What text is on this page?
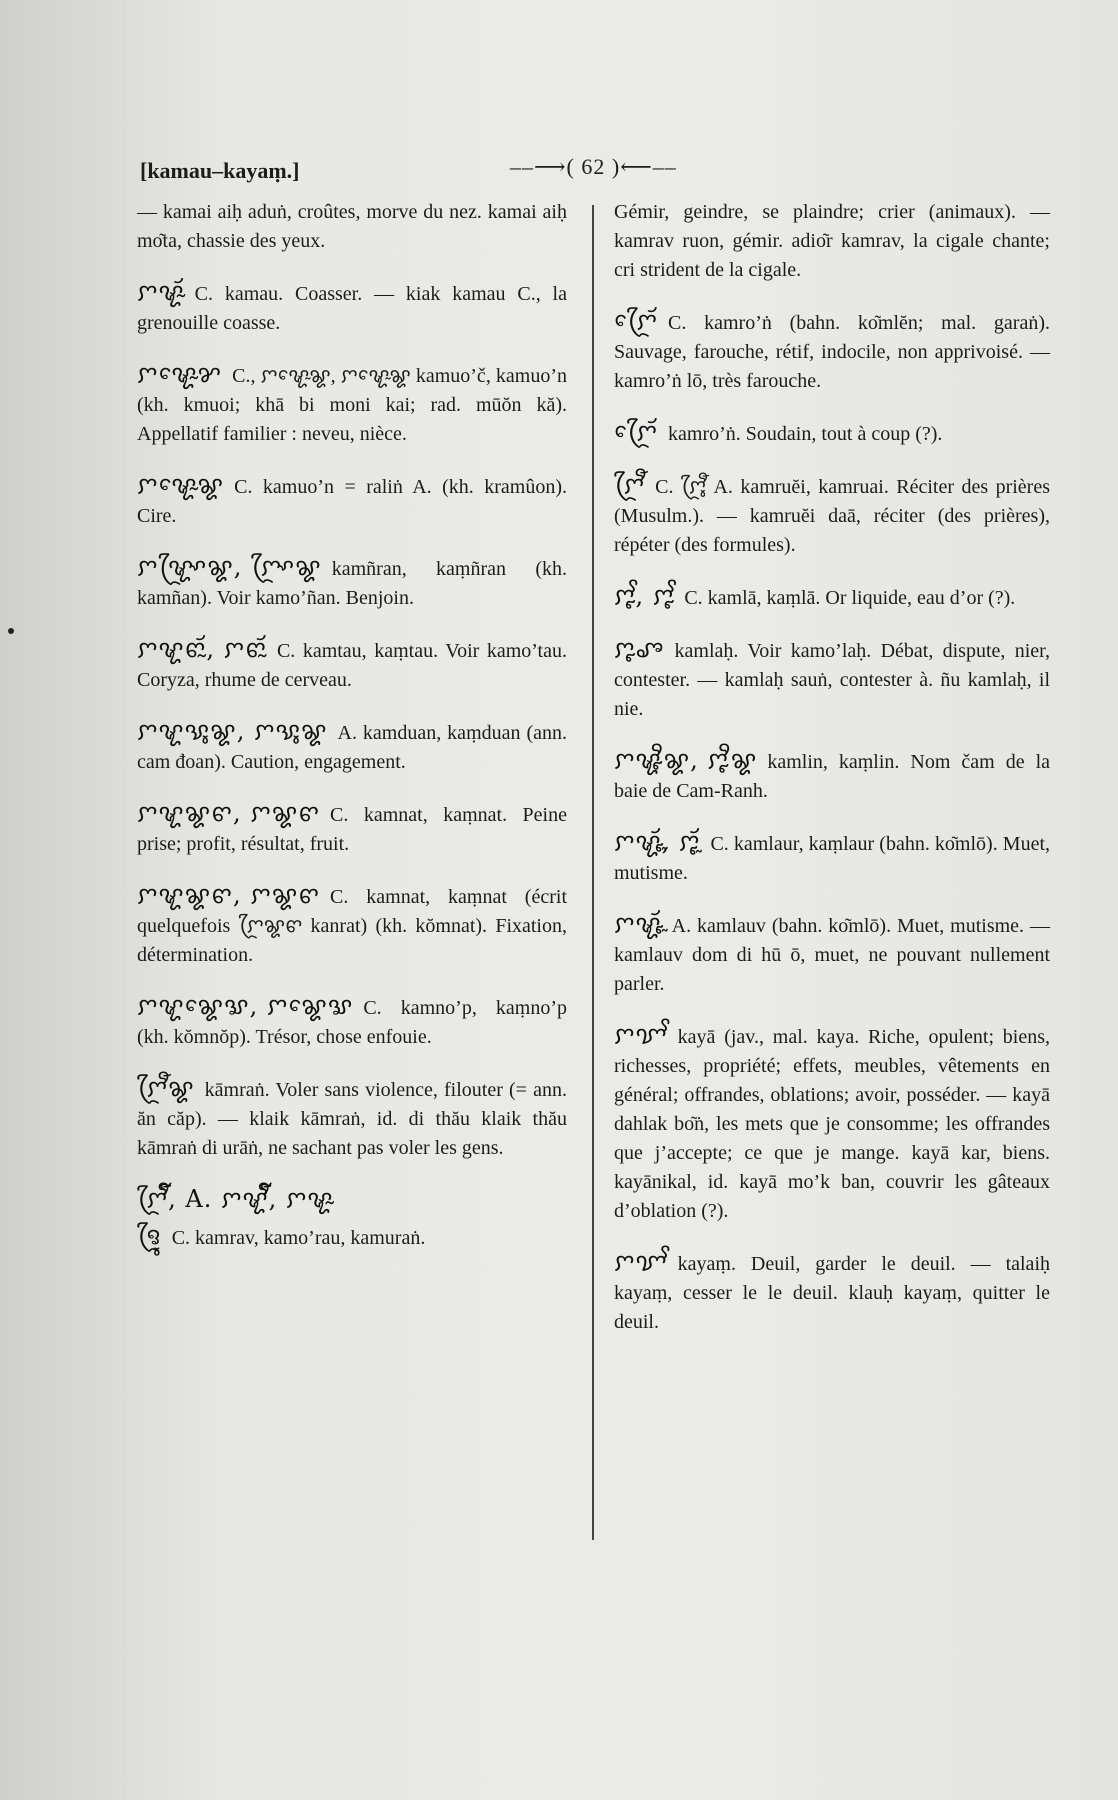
[kamau–kayaṃ.]	––⟶( 62 )⟵––
— kamai aiḥ aduṅ, croûtes, morve du nez. kamai aiḥ mo͂ta, chassie des yeux.
ꨆꨠꨮꨭ C. kamau. Coasser. — kiak kamau C., la grenouille coasse.
ꨆꨠꨯꨭꨌ C., ꨆꨠꨯꨭꨘ, ꨆꨠꨯꨭꨘ kamuo’č, kamuo’n (kh. kmuoi; khā bi moni kai; rad. mūŏn kă). Appellatif familier : neveu, nièce.
ꨆꨠꨯꨭꨘ C. kamuo’n = raliṅ A. (kh. kramûon). Cire.
ꨆꨠꨴꨳꨘ, ꨆꨴꨳꨘ kamñran, kaṃñran (kh. kamñan). Voir kamo’ñan. Benjoin.
ꨆꨠꨓꨮꨭ, ꨆꨓꨮꨭ C. kamtau, kaṃtau. Voir kamo’tau. Coryza, rhume de cerveau.
ꨆꨠꨕꨶꨘ, ꨆꨕꨶꨘ A. kamduan, kaṃduan (ann. cam đoan). Caution, engagement.
ꨆꨠꨘꨓ, ꨆꨘꨓ C. kamnat, kaṃnat. Peine prise; profit, résultat, fruit.
ꨆꨠꨘꨓ, ꨆꨘꨓ C. kamnat, kaṃnat (écrit quelquefois ꨆꨴꨘꨓ kanrat) (kh. kŏmnat). Fixation, détermination.
ꨆꨠꨘꨯꨛ, ꨆꨘꨯꨛ C. kamno’p, kaṃno’p (kh. kŏmnŏp). Trésor, chose enfouie.
ꨆꨴꨬꨘ kāmraṅ. Voler sans violence, filouter (= ann. ăn căp). — klaik kāmraṅ, id. di thău klaik thău kāmraṅ di urāṅ, ne sachant pas voler les gens.
ꨆꨴꨬꨱ, A. ꨆꨠꨬꨱ, ꨆꨠꨭ
ꨅꨴꨶ C. kamrav, kamo’rau, kamuraṅ.
Gémir, geindre, se plaindre; crier (animaux). — kamrav ruon, gémir. adio͂r kamrav, la cigale chante; cri strident de la cigale.
ꨆꨴꨯꨮ C. kamro’ṅ (bahn. ko͂mlĕn; mal. garaṅ). Sauvage, farouche, rétif, indocile, non apprivoisé. — kamro’ṅ lō, très farouche.
ꨆꨴꨯꨮ kamro’ṅ. Soudain, tout à coup (?).
ꨆꨴꨬ C. ꨆꨴꨶꨬ A. kamruĕi, kamruai. Réciter des prières (Musulm.). — kamruĕi daā, réciter (des prières), répéter (des formules).
ꨆꨵꨩ, ꨆꨵꨩ C. kamlā, kaṃlā. Or liquide, eau d’or (?).
ꨆꨵꨨ kamlaḥ. Voir kamo’laḥ. Débat, dispute, nier, contester. — kamlaḥ sauṅ, contester à. ñu kamlaḥ, il nie.
ꨆꨠꨵꨪꨘ, ꨆꨵꨪꨘ kamlin, kaṃlin. Nom čam de la baie de Cam-Ranh.
ꨆꨠꨵꨮꨭ, ꨆꨵꨮꨭ C. kamlaur, kaṃlaur (bahn. ko͂mlō). Muet, mutisme.
ꨆꨠꨵꨮꨭ A. kamlauv (bahn. ko͂mlō). Muet, mutisme. — kamlauv dom di hū ō, muet, ne pouvant nullement parler.
ꨆꨢꨩ kayā (jav., mal. kaya. Riche, opulent; biens, richesses, propriété; effets, meubles, vêtements en général; offrandes, oblations; avoir, posséder. — kayā dahlak bo͂ṅ, les mets que je consomme; les offrandes que j’accepte; ce que je mange. kayā kar, biens. kayānikal, id. kayā mo’k ban, couvrir les gâteaux d’oblation (?).
ꨆꨢꨩ kayaṃ. Deuil, garder le deuil. — talaiḥ kayaṃ, cesser le le deuil. klauḥ kayaṃ, quitter le deuil.
